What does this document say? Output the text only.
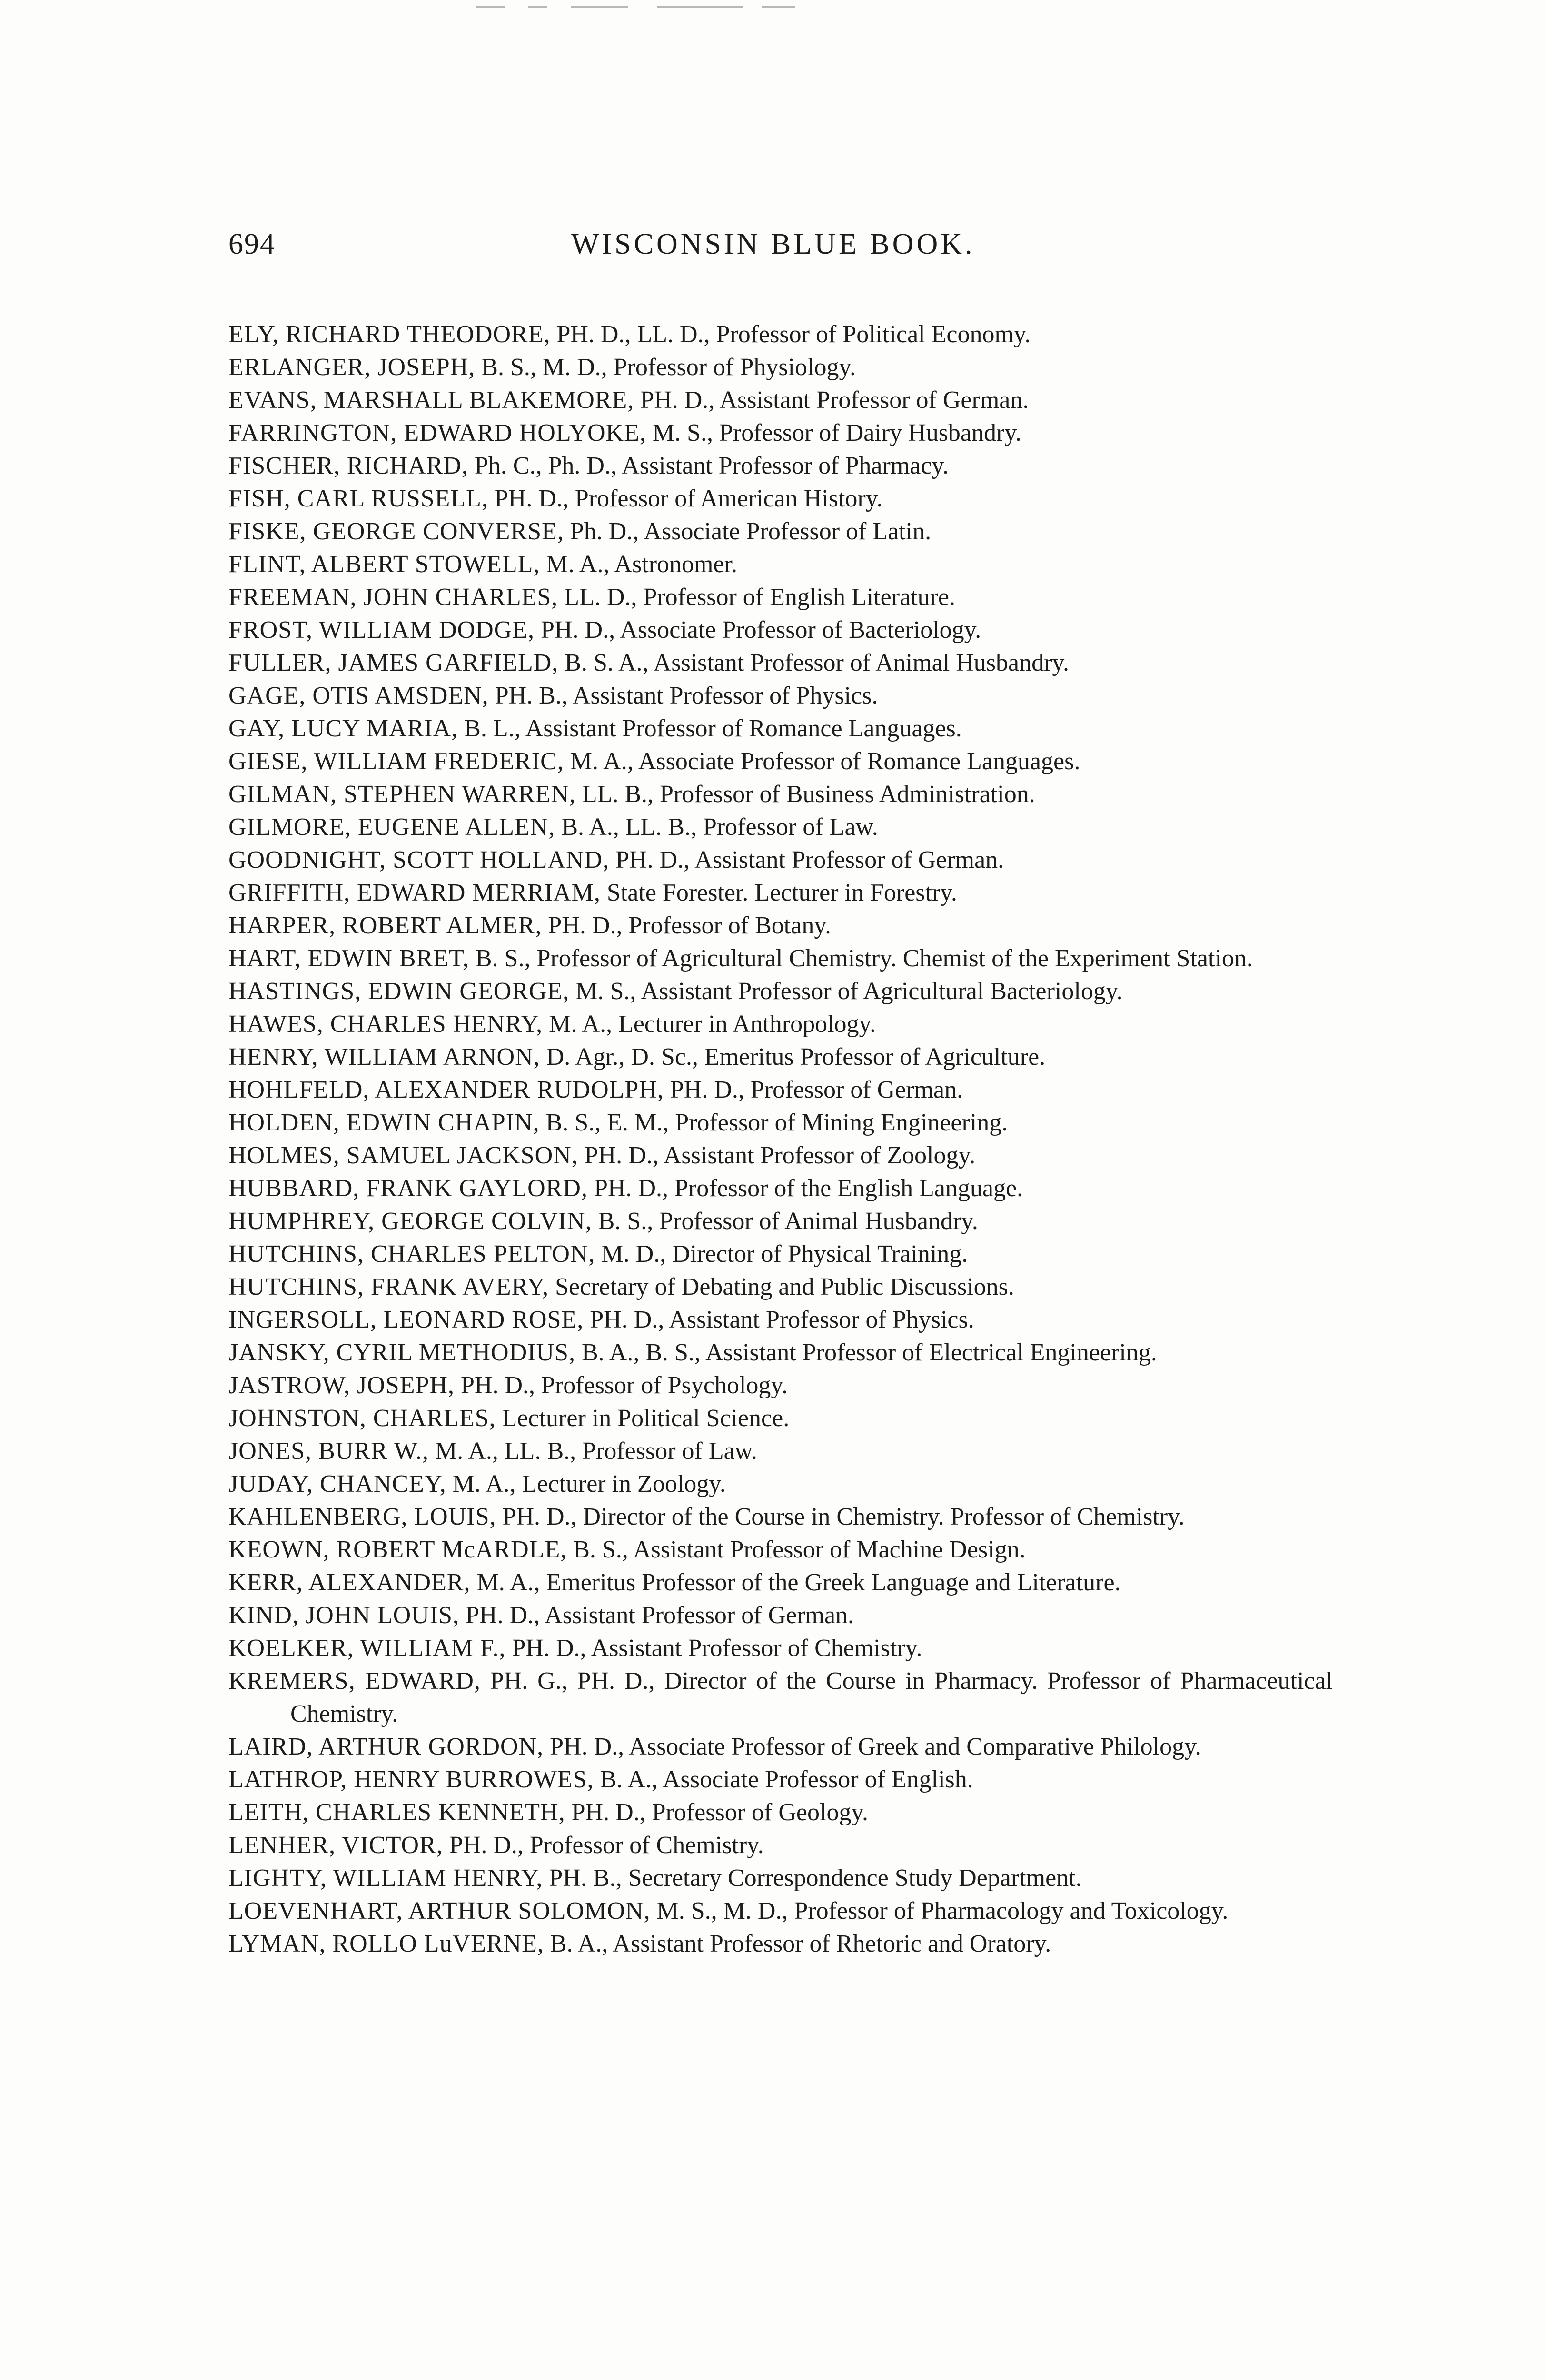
694	WISCONSIN BLUE BOOK.
ELY, RICHARD THEODORE, PH. D., LL. D., Professor of Political Economy.
ERLANGER, JOSEPH, B. S., M. D., Professor of Physiology.
EVANS, MARSHALL BLAKEMORE, PH. D., Assistant Professor of German.
FARRINGTON, EDWARD HOLYOKE, M. S., Professor of Dairy Husbandry.
FISCHER, RICHARD, Ph. C., Ph. D., Assistant Professor of Pharmacy.
FISH, CARL RUSSELL, PH. D., Professor of American History.
FISKE, GEORGE CONVERSE, Ph. D., Associate Professor of Latin.
FLINT, ALBERT STOWELL, M. A., Astronomer.
FREEMAN, JOHN CHARLES, LL. D., Professor of English Literature.
FROST, WILLIAM DODGE, PH. D., Associate Professor of Bacteriology.
FULLER, JAMES GARFIELD, B. S. A., Assistant Professor of Animal Husbandry.
GAGE, OTIS AMSDEN, PH. B., Assistant Professor of Physics.
GAY, LUCY MARIA, B. L., Assistant Professor of Romance Languages.
GIESE, WILLIAM FREDERIC, M. A., Associate Professor of Romance Languages.
GILMAN, STEPHEN WARREN, LL. B., Professor of Business Administration.
GILMORE, EUGENE ALLEN, B. A., LL. B., Professor of Law.
GOODNIGHT, SCOTT HOLLAND, PH. D., Assistant Professor of German.
GRIFFITH, EDWARD MERRIAM, State Forester. Lecturer in Forestry.
HARPER, ROBERT ALMER, PH. D., Professor of Botany.
HART, EDWIN BRET, B. S., Professor of Agricultural Chemistry. Chemist of the Experiment Station.
HASTINGS, EDWIN GEORGE, M. S., Assistant Professor of Agricultural Bacteriology.
HAWES, CHARLES HENRY, M. A., Lecturer in Anthropology.
HENRY, WILLIAM ARNON, D. Agr., D. Sc., Emeritus Professor of Agriculture.
HOHLFELD, ALEXANDER RUDOLPH, PH. D., Professor of German.
HOLDEN, EDWIN CHAPIN, B. S., E. M., Professor of Mining Engineering.
HOLMES, SAMUEL JACKSON, PH. D., Assistant Professor of Zoology.
HUBBARD, FRANK GAYLORD, PH. D., Professor of the English Language.
HUMPHREY, GEORGE COLVIN, B. S., Professor of Animal Husbandry.
HUTCHINS, CHARLES PELTON, M. D., Director of Physical Training.
HUTCHINS, FRANK AVERY, Secretary of Debating and Public Discussions.
INGERSOLL, LEONARD ROSE, PH. D., Assistant Professor of Physics.
JANSKY, CYRIL METHODIUS, B. A., B. S., Assistant Professor of Electrical Engineering.
JASTROW, JOSEPH, PH. D., Professor of Psychology.
JOHNSTON, CHARLES, Lecturer in Political Science.
JONES, BURR W., M. A., LL. B., Professor of Law.
JUDAY, CHANCEY, M. A., Lecturer in Zoology.
KAHLENBERG, LOUIS, PH. D., Director of the Course in Chemistry. Professor of Chemistry.
KEOWN, ROBERT McARDLE, B. S., Assistant Professor of Machine Design.
KERR, ALEXANDER, M. A., Emeritus Professor of the Greek Language and Literature.
KIND, JOHN LOUIS, PH. D., Assistant Professor of German.
KOELKER, WILLIAM F., PH. D., Assistant Professor of Chemistry.
KREMERS, EDWARD, PH. G., PH. D., Director of the Course in Pharmacy. Professor of Pharmaceutical Chemistry.
LAIRD, ARTHUR GORDON, PH. D., Associate Professor of Greek and Comparative Philology.
LATHROP, HENRY BURROWES, B. A., Associate Professor of English.
LEITH, CHARLES KENNETH, PH. D., Professor of Geology.
LENHER, VICTOR, PH. D., Professor of Chemistry.
LIGHTY, WILLIAM HENRY, PH. B., Secretary Correspondence Study Department.
LOEVENHART, ARTHUR SOLOMON, M. S., M. D., Professor of Pharmacology and Toxicology.
LYMAN, ROLLO LuVERNE, B. A., Assistant Professor of Rhetoric and Oratory.
